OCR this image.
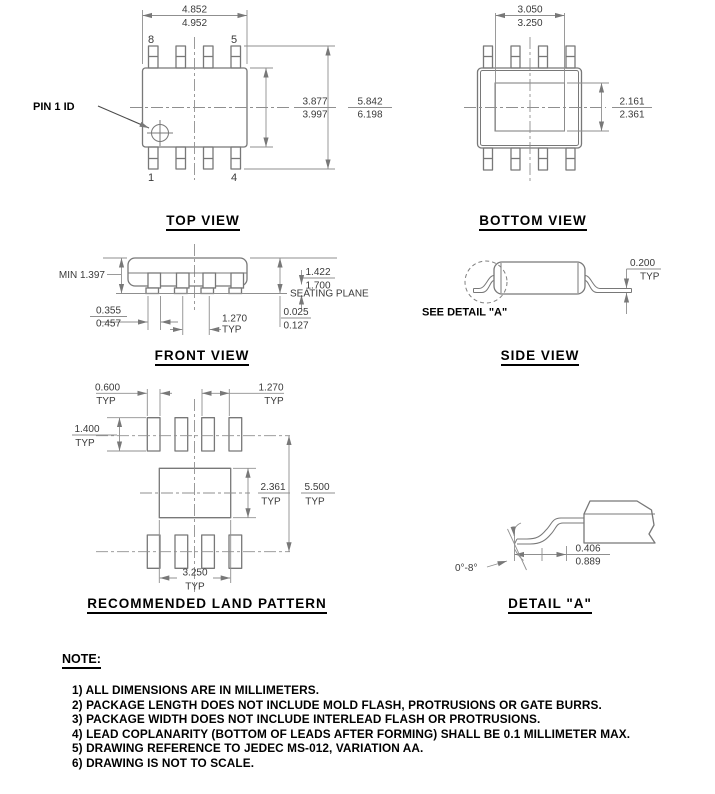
4.852
4.952
3.877
3.997
5.842
6.198
8	5
1	4
PIN 1 ID
TOP VIEW
3.050
3.250
2.161
2.361
BOTTOM VIEW
MIN 1.397	1.422
1.700
SEATING PLANE
0.025
0.127
0.355
0.457	1.270
TYP
FRONT VIEW
0.200
TYP
SEE DETAIL "A"
SIDE VIEW
0.600
TYP
1.270
TYP
1.400
TYP
2.361
TYP
5.500
TYP
3.250
TYP
RECOMMENDED LAND PATTERN
0.406
0.889
0°-8°
DETAIL "A"
NOTE:
1) ALL DIMENSIONS ARE IN MILLIMETERS.
2) PACKAGE LENGTH DOES NOT INCLUDE MOLD FLASH, PROTRUSIONS OR GATE BURRS.
3) PACKAGE WIDTH DOES NOT INCLUDE INTERLEAD FLASH OR PROTRUSIONS.
4) LEAD COPLANARITY (BOTTOM OF LEADS AFTER FORMING) SHALL BE 0.1 MILLIMETER MAX.
5) DRAWING REFERENCE TO JEDEC MS-012, VARIATION AA.
6) DRAWING IS NOT TO SCALE.
